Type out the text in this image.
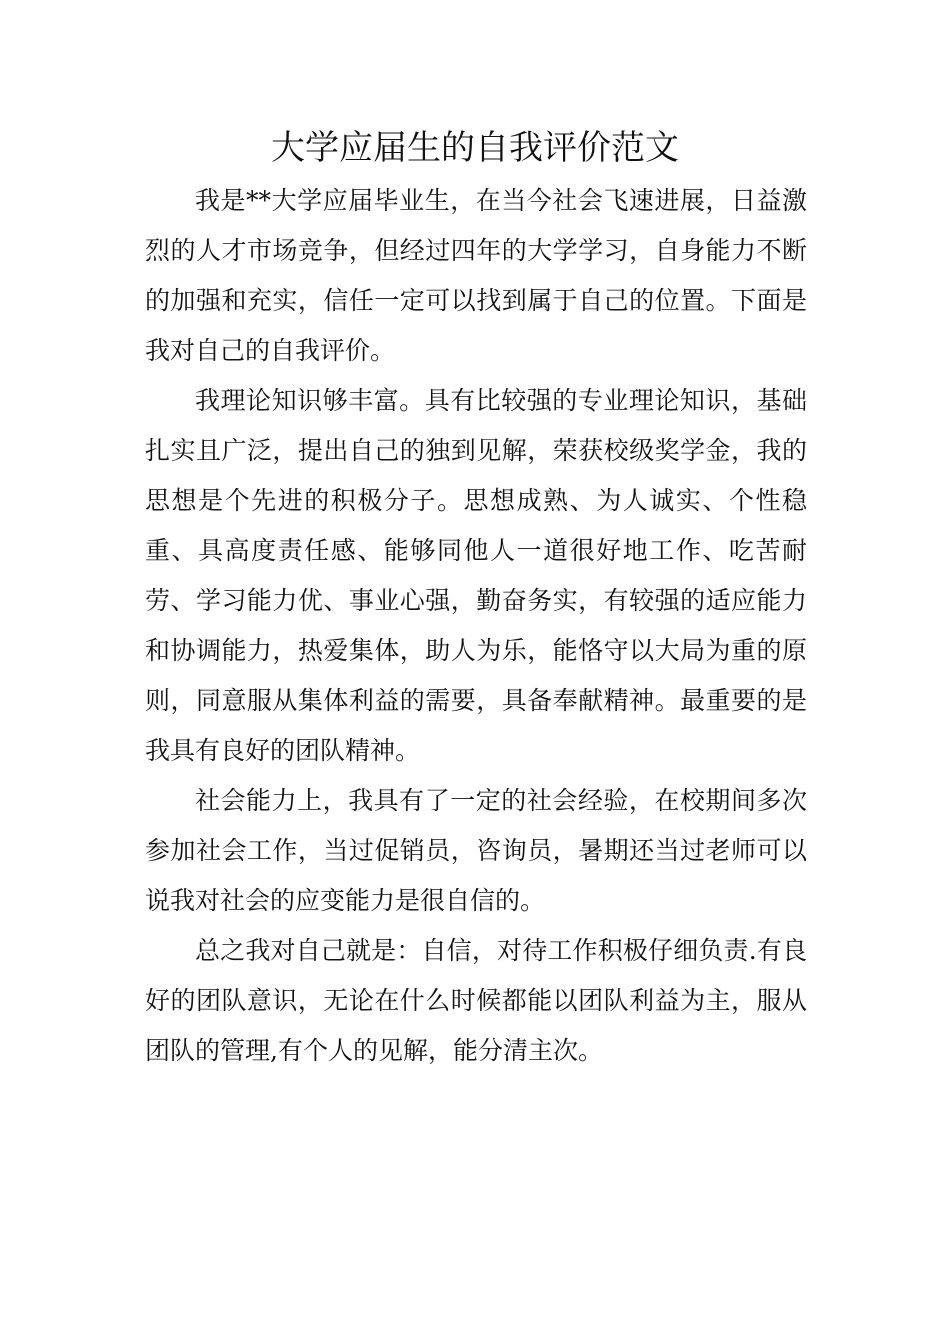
大学应届生的自我评价范文

我是**大学应届毕业生，在当今社会飞速进展，日益激烈的人才市场竞争，但经过四年的大学学习，自身能力不断的加强和充实，信任一定可以找到属于自己的位置。下面是我对自己的自我评价。

我理论知识够丰富。具有比较强的专业理论知识，基础扎实且广泛，提出自己的独到见解，荣获校级奖学金，我的思想是个先进的积极分子。思想成熟、为人诚实、个性稳重、具高度责任感、能够同他人一道很好地工作、吃苦耐劳、学习能力优、事业心强，勤奋务实，有较强的适应能力和协调能力，热爱集体，助人为乐，能恪守以大局为重的原则，同意服从集体利益的需要，具备奉献精神。最重要的是我具有良好的团队精神。

社会能力上，我具有了一定的社会经验，在校期间多次参加社会工作，当过促销员，咨询员，暑期还当过老师可以说我对社会的应变能力是很自信的。

总之我对自己就是：自信，对待工作积极仔细负责.有良好的团队意识，无论在什么时候都能以团队利益为主，服从团队的管理,有个人的见解，能分清主次。
